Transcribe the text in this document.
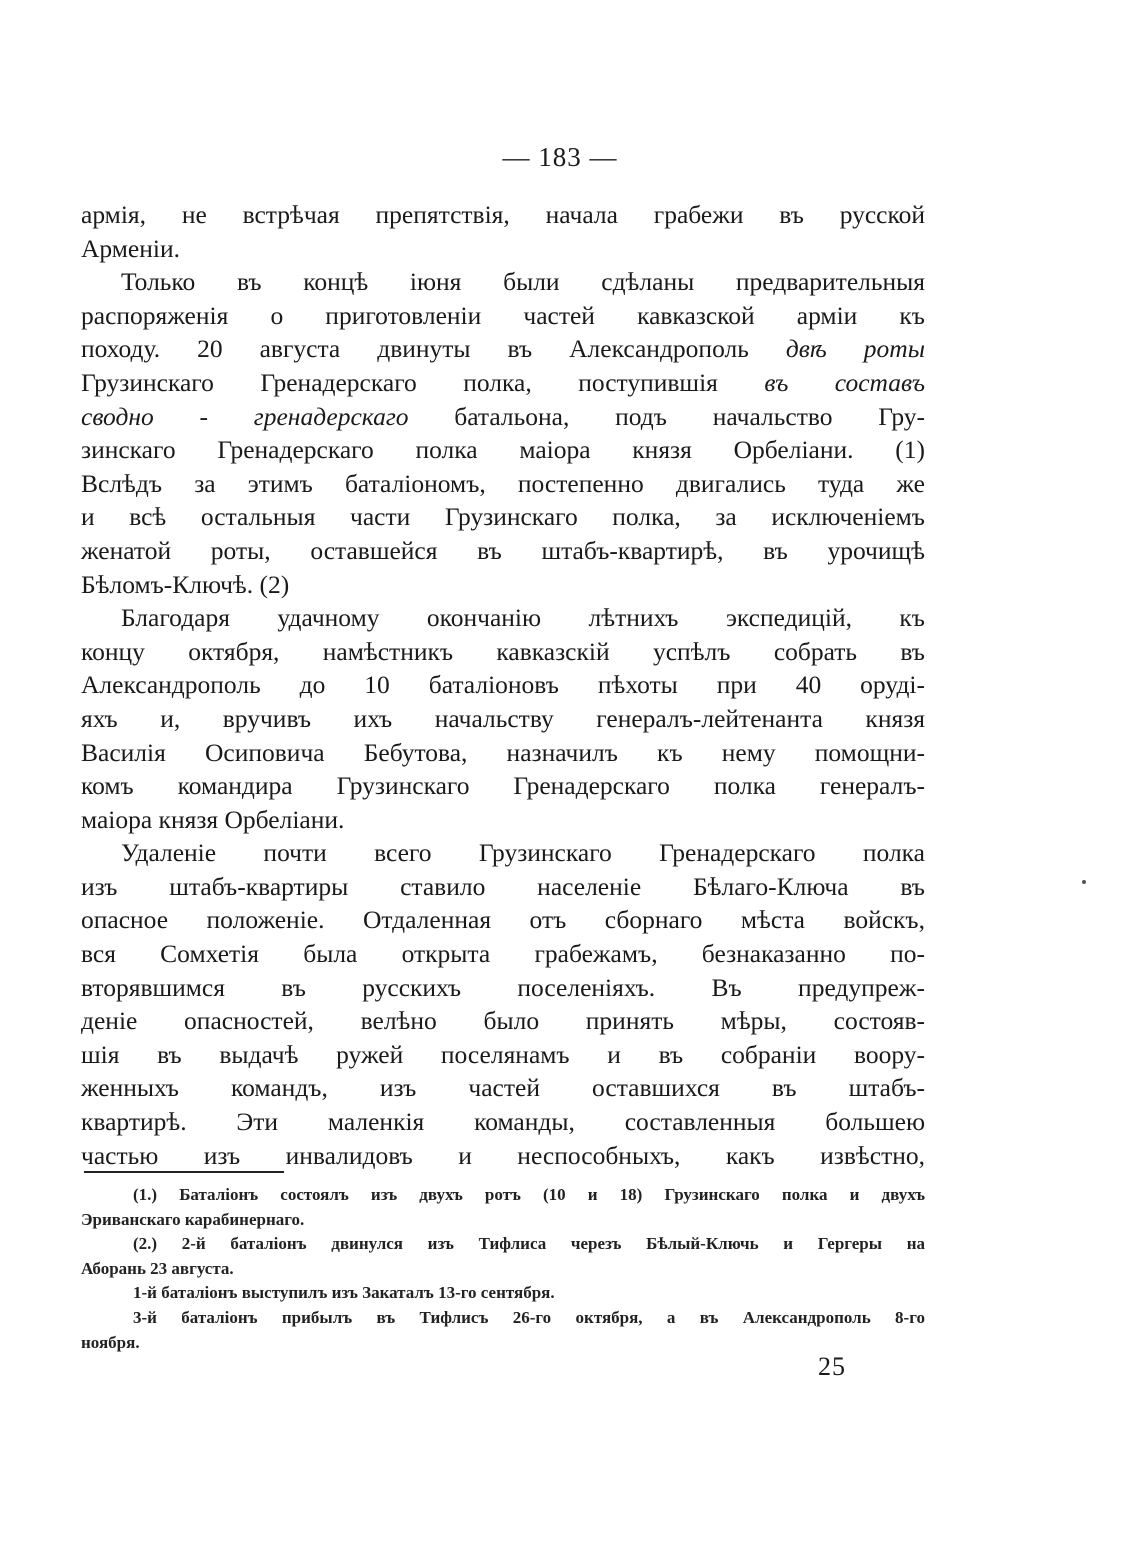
— 183 —

армія, не встрѣчая препятствія, начала грабежи въ русской
Арменіи.

Только въ концѣ іюня были сдѣланы предварительныя
распоряженія о приготовленіи частей кавказской арміи къ
походу. 20 августа двинуты въ Александрополь двѣ роты
Грузинскаго Гренадерскаго полка, поступившія въ составъ
сводно - гренадерскаго батальона, подъ начальство Гру-
зинскаго Гренадерскаго полка маіора князя Орбеліани. (1)
Вслѣдъ за этимъ баталіономъ, постепенно двигались туда же
и всѣ остальныя части Грузинскаго полка, за исключеніемъ
женатой роты, оставшейся въ штабъ-квартирѣ, въ урочищѣ
Бѣломъ-Ключѣ. (2)

Благодаря удачному окончанію лѣтнихъ экспедицій, къ
концу октября, намѣстникъ кавказскій успѣлъ собрать въ
Александрополь до 10 баталіоновъ пѣхоты при 40 орудi-
яхъ и, вручивъ ихъ начальству генералъ-лейтенанта князя
Василія Осиповича Бебутова, назначилъ къ нему помощни-
комъ командира Грузинскаго Гренадерскаго полка генералъ-
маіора князя Орбеліани.

Удаленіе почти всего Грузинскаго Гренадерскаго полка
изъ штабъ-квартиры ставило населеніе Бѣлаго-Ключа въ
опасное положеніе. Отдаленная отъ сборнаго мѣста войскъ,
вся Сомхетія была открыта грабежамъ, безнаказанно по-
вторявшимся въ русскихъ поселеніяхъ. Въ предупреж-
деніе опасностей, велѣно было принять мѣры, состояв-
шія въ выдачѣ ружей поселянамъ и въ собраніи воору-
женныхъ командъ, изъ частей оставшихся въ штабъ-
квартирѣ. Эти маленкія команды, составленныя большею
частью изъ инвалидовъ и неспособныхъ, какъ извѣстно,

(1.) Баталіонъ состоялъ изъ двухъ ротъ (10 и 18) Грузинскаго полка и двухъ
Эриванскаго карабинернаго.

(2.) 2-й баталіонъ двинулся изъ Тифлиса черезъ Бѣлый-Ключь и Гергеры на
Аборань 23 августа.

1-й баталіонъ выступилъ изъ Закаталъ 13-го сентября.

3-й баталіонъ прибылъ въ Тифлисъ 26-го октября, а въ Александрополь 8-го
ноября.

25
